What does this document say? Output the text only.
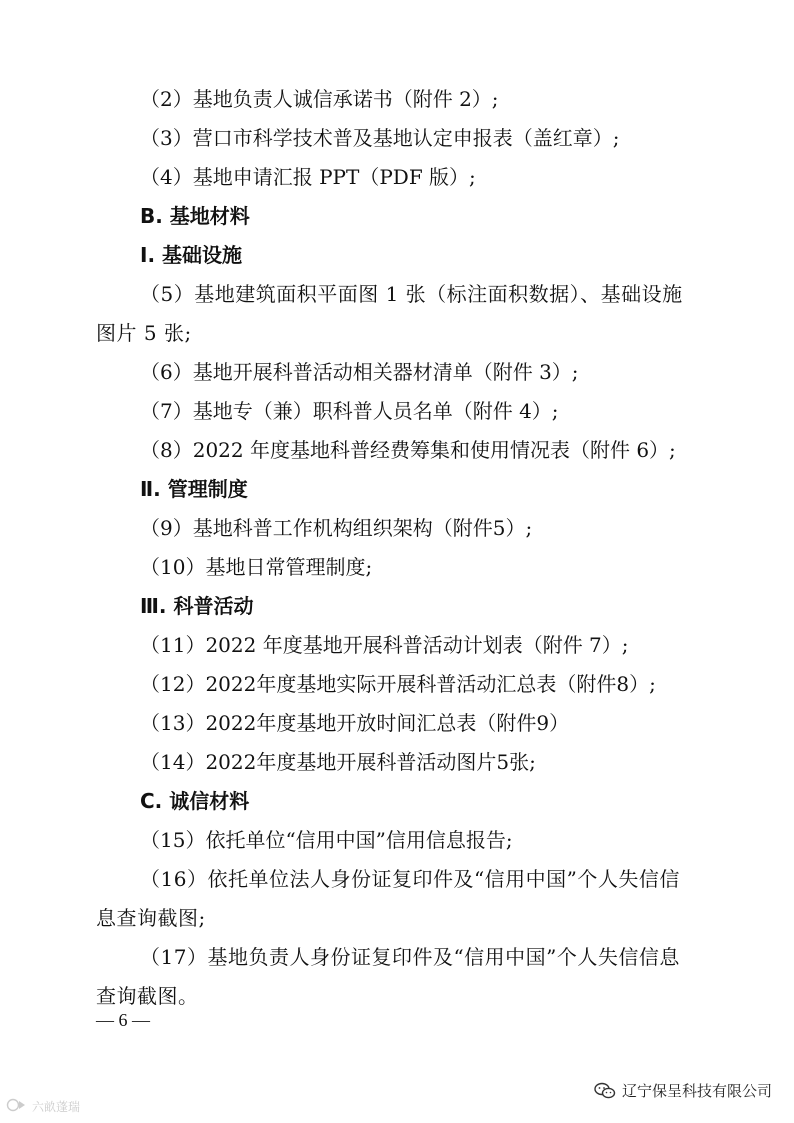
（2）基地负责人诚信承诺书（附件 2）;

（3）营口市科学技术普及基地认定申报表（盖红章）;

（4）基地申请汇报 PPT（PDF 版）;

B. 基地材料

Ⅰ. 基础设施

（5）基地建筑面积平面图 1 张（标注面积数据）、基础设施图片 5 张;

（6）基地开展科普活动相关器材清单（附件 3）;

（7）基地专（兼）职科普人员名单（附件 4）;

（8）2022 年度基地科普经费筹集和使用情况表（附件 6）;

Ⅱ. 管理制度

（9）基地科普工作机构组织架构（附件5）;

（10）基地日常管理制度;

Ⅲ. 科普活动

（11）2022 年度基地开展科普活动计划表（附件 7）;

（12）2022年度基地实际开展科普活动汇总表（附件8）;

（13）2022年度基地开放时间汇总表（附件9）

（14）2022年度基地开展科普活动图片5张;

C. 诚信材料

（15）依托单位“信用中国”信用信息报告;

（16）依托单位法人身份证复印件及“信用中国”个人失信信息查询截图;

（17）基地负责人身份证复印件及“信用中国”个人失信信息查询截图。

— 6 —
辽宁保呈科技有限公司
六畝蓬瑞
